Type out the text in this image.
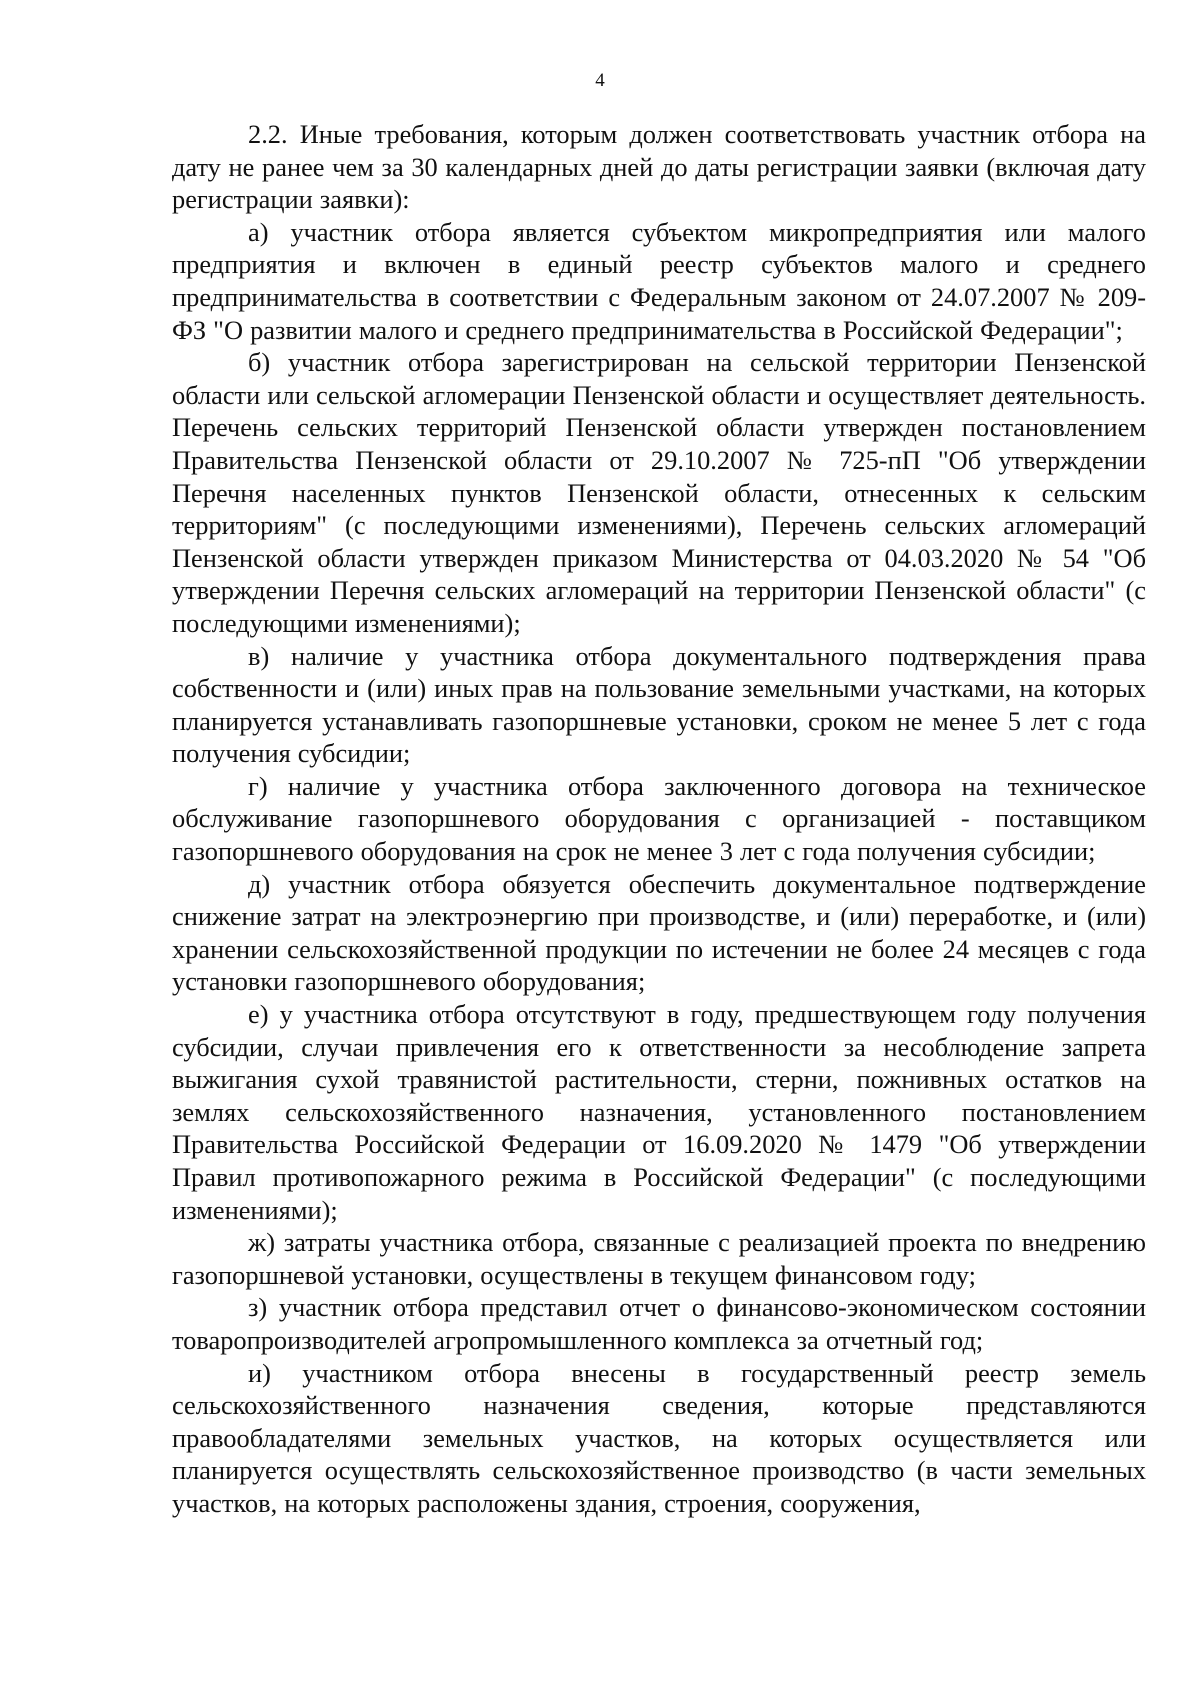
4

2.2. Иные требования, которым должен соответствовать участник отбора на дату не ранее чем за 30 календарных дней до даты регистрации заявки (включая дату регистрации заявки):

а) участник отбора является субъектом микропредприятия или малого предприятия и включен в единый реестр субъектов малого и среднего предпринимательства в соответствии с Федеральным законом от 24.07.2007 № 209-ФЗ "О развитии малого и среднего предпринимательства в Российской Федерации";

б) участник отбора зарегистрирован на сельской территории Пензенской области или сельской агломерации Пензенской области и осуществляет деятельность. Перечень сельских территорий Пензенской области утвержден постановлением Правительства Пензенской области от 29.10.2007 № 725-пП "Об утверждении Перечня населенных пунктов Пензенской области, отнесенных к сельским территориям" (с последующими изменениями), Перечень сельских агломераций Пензенской области утвержден приказом Министерства от 04.03.2020 № 54 "Об утверждении Перечня сельских агломераций на территории Пензенской области" (с последующими изменениями);

в) наличие у участника отбора документального подтверждения права собственности и (или) иных прав на пользование земельными участками, на которых планируется устанавливать газопоршневые установки, сроком не менее 5 лет с года получения субсидии;

г) наличие у участника отбора заключенного договора на техническое обслуживание газопоршневого оборудования с организацией - поставщиком газопоршневого оборудования на срок не менее 3 лет с года получения субсидии;

д) участник отбора обязуется обеспечить документальное подтверждение снижение затрат на электроэнергию при производстве, и (или) переработке, и (или) хранении сельскохозяйственной продукции по истечении не более 24 месяцев с года установки газопоршневого оборудования;

е) у участника отбора отсутствуют в году, предшествующем году получения субсидии, случаи привлечения его к ответственности за несоблюдение запрета выжигания сухой травянистой растительности, стерни, пожнивных остатков на землях сельскохозяйственного назначения, установленного постановлением Правительства Российской Федерации от 16.09.2020 № 1479 "Об утверждении Правил противопожарного режима в Российской Федерации" (с последующими изменениями);

ж) затраты участника отбора, связанные с реализацией проекта по внедрению газопоршневой установки, осуществлены в текущем финансовом году;

з) участник отбора представил отчет о финансово-экономическом состоянии товаропроизводителей агропромышленного комплекса за отчетный год;

и) участником отбора внесены в государственный реестр земель сельскохозяйственного назначения сведения, которые представляются правообладателями земельных участков, на которых осуществляется или планируется осуществлять сельскохозяйственное производство (в части земельных участков, на которых расположены здания, строения, сооружения,
